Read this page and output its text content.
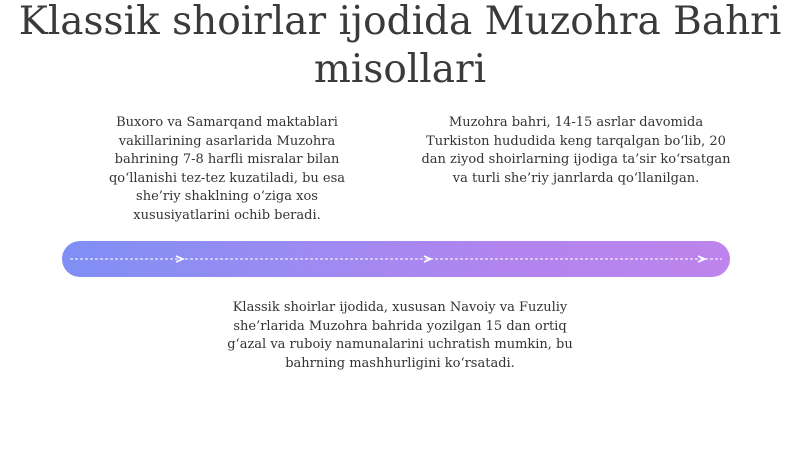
Klassik shoirlar ijodida Muzohra Bahri misollari

Buxoro va Samarqand maktablari vakillarining asarlarida Muzohra bahrining 7-8 harfli misralar bilan qo‘llanishi tez-tez kuzatiladi, bu esa she’riy shaklning o‘ziga xos xususiyatlarini ochib beradi.

Muzohra bahri, 14-15 asrlar davomida Turkiston hududida keng tarqalgan bo‘lib, 20 dan ziyod shoirlarning ijodiga ta’sir ko‘rsatgan va turli she’riy janrlarda qo‘llanilgan.

Klassik shoirlar ijodida, xususan Navoiy va Fuzuliy she’rlarida Muzohra bahrida yozilgan 15 dan ortiq g‘azal va ruboiy namunalarini uchratish mumkin, bu bahrning mashhurligini ko‘rsatadi.
